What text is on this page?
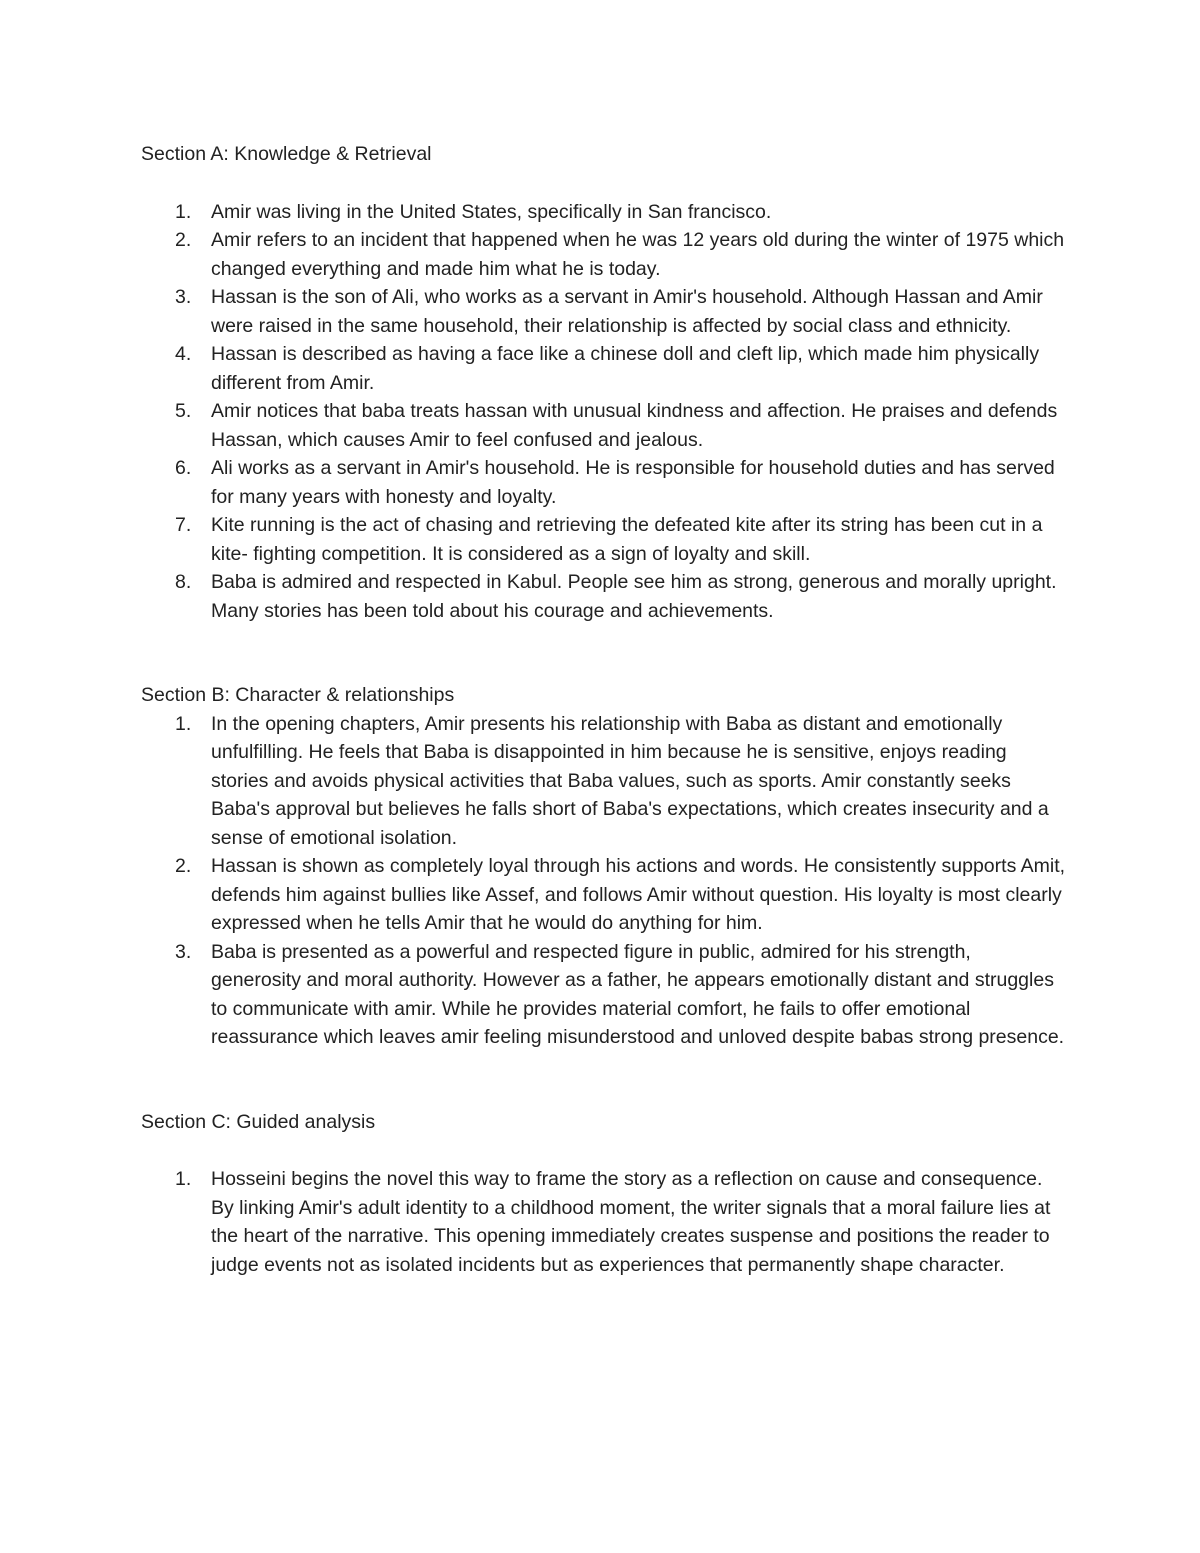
Section A: Knowledge & Retrieval

1. Amir was living in the United States, specifically in San francisco.
2. Amir refers to an incident that happened when he was 12 years old during the winter of 1975 which changed everything and made him what he is today.
3. Hassan is the son of Ali, who works as a servant in Amir's household. Although Hassan and Amir were raised in the same household, their relationship is affected by social class and ethnicity.
4. Hassan is described as having a face like a chinese doll and cleft lip, which made him physically different from Amir.
5. Amir notices that baba treats hassan with unusual kindness and affection. He praises and defends Hassan, which causes Amir to feel confused and jealous.
6. Ali works as a servant in Amir's household. He is responsible for household duties and has served for many years with honesty and loyalty.
7. Kite running is the act of chasing and retrieving the defeated kite after its string has been cut in a kite- fighting competition. It is considered as a sign of loyalty and skill.
8. Baba is admired and respected in Kabul. People see him as strong, generous and morally upright. Many stories has been told about his courage and achievements.

Section B: Character & relationships

1. In the opening chapters, Amir presents his relationship with Baba as distant and emotionally unfulfilling. He feels that Baba is disappointed in him because he is sensitive, enjoys reading stories and avoids physical activities that Baba values, such as sports. Amir constantly seeks Baba's approval but believes he falls short of Baba's expectations, which creates insecurity and a sense of emotional isolation.
2. Hassan is shown as completely loyal through his actions and words. He consistently supports Amit, defends him against bullies like Assef, and follows Amir without question. His loyalty is most clearly expressed when he tells Amir that he would do anything for him.
3. Baba is presented as a powerful and respected figure in public, admired for his strength, generosity and moral authority. However as a father, he appears emotionally distant and struggles to communicate with amir. While he provides material comfort, he fails to offer emotional reassurance which leaves amir feeling misunderstood and unloved despite babas strong presence.

Section C: Guided analysis

1. Hosseini begins the novel this way to frame the story as a reflection on cause and consequence. By linking Amir's adult identity to a childhood moment, the writer signals that a moral failure lies at the heart of the narrative. This opening immediately creates suspense and positions the reader to judge events not as isolated incidents but as experiences that permanently shape character.
